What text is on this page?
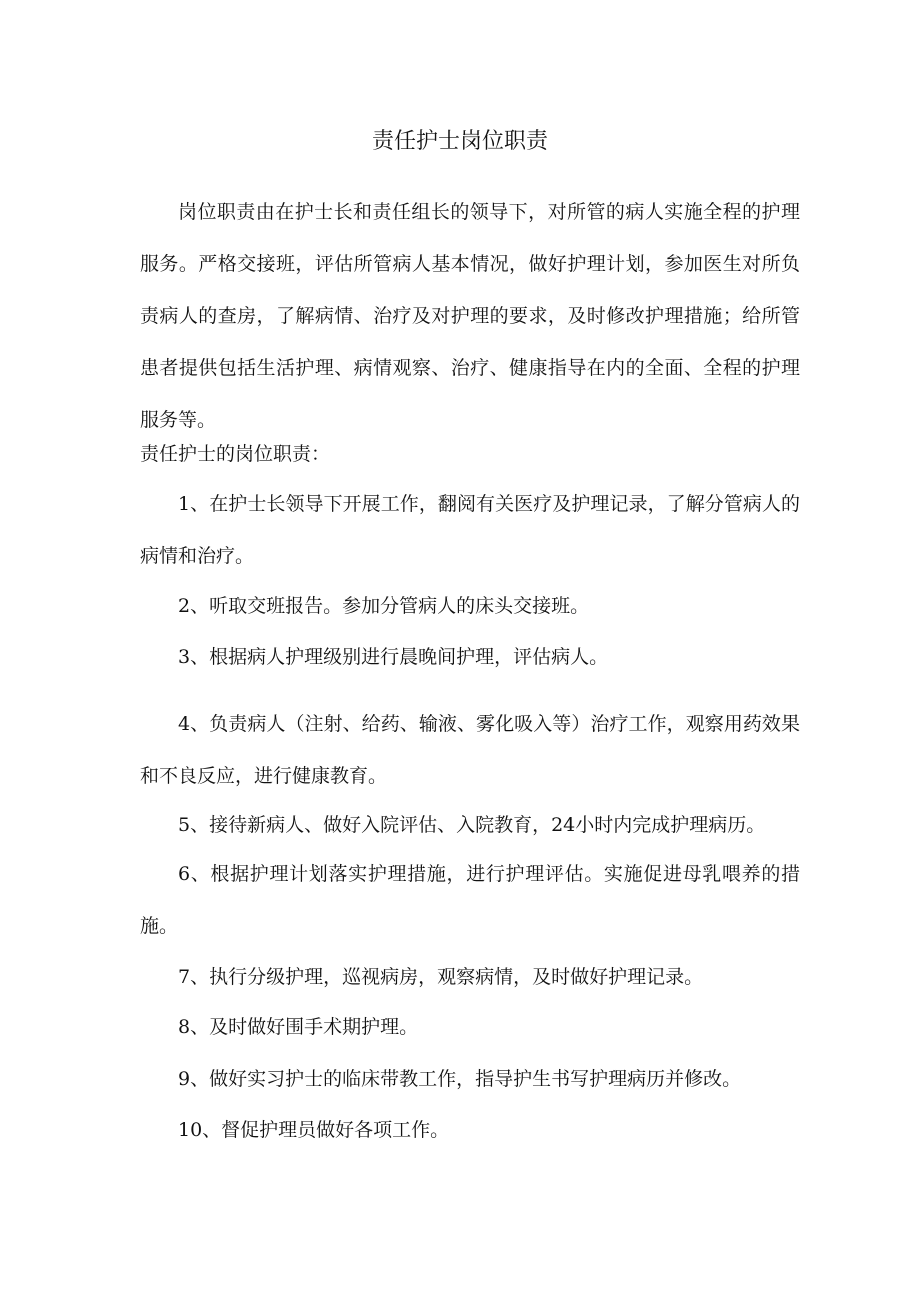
责任护士岗位职责

岗位职责由在护士长和责任组长的领导下，对所管的病人实施全程的护理服务。严格交接班，评估所管病人基本情况，做好护理计划，参加医生对所负责病人的查房，了解病情、治疗及对护理的要求，及时修改护理措施；给所管患者提供包括生活护理、病情观察、治疗、健康指导在内的全面、全程的护理服务等。

责任护士的岗位职责：

1、在护士长领导下开展工作，翻阅有关医疗及护理记录，了解分管病人的病情和治疗。

2、听取交班报告。参加分管病人的床头交接班。

3、根据病人护理级别进行晨晚间护理，评估病人。

4、负责病人（注射、给药、输液、雾化吸入等）治疗工作，观察用药效果和不良反应，进行健康教育。

5、接待新病人、做好入院评估、入院教育，24小时内完成护理病历。

6、根据护理计划落实护理措施，进行护理评估。实施促进母乳喂养的措施。

7、执行分级护理，巡视病房，观察病情，及时做好护理记录。

8、及时做好围手术期护理。

9、做好实习护士的临床带教工作，指导护生书写护理病历并修改。

10、督促护理员做好各项工作。
